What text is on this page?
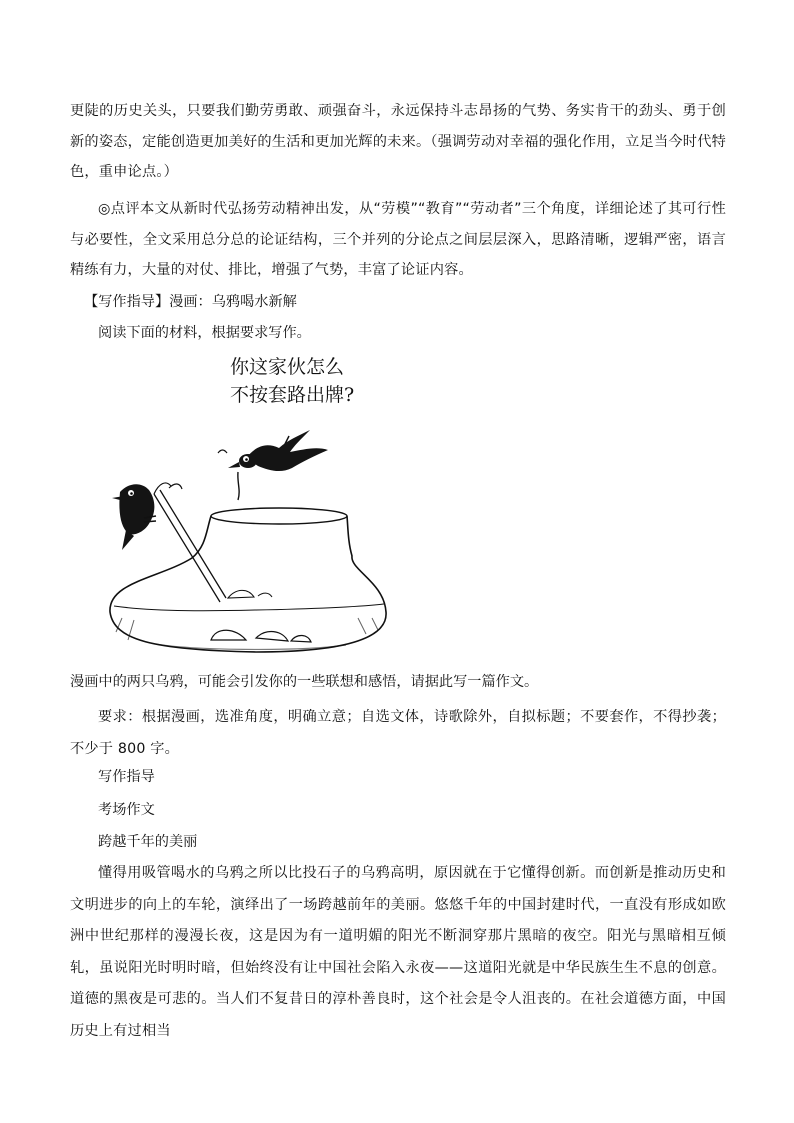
更陡的历史关头，只要我们勤劳勇敢、顽强奋斗，永远保持斗志昂扬的气势、务实肯干的劲头、勇于创新的姿态，定能创造更加美好的生活和更加光辉的未来。（强调劳动对幸福的强化作用，立足当今时代特色，重申论点。）

◎点评本文从新时代弘扬劳动精神出发，从“劳模”“教育”“劳动者”三个角度，详细论述了其可行性与必要性，全文采用总分总的论证结构，三个并列的分论点之间层层深入，思路清晰，逻辑严密，语言精练有力，大量的对仗、排比，增强了气势，丰富了论证内容。

【写作指导】漫画：乌鸦喝水新解

阅读下面的材料，根据要求写作。

你这家伙怎么
不按套路出牌?

漫画中的两只乌鸦，可能会引发你的一些联想和感悟，请据此写一篇作文。

要求：根据漫画，选准角度，明确立意；自选文体，诗歌除外，自拟标题；不要套作，不得抄袭；不少于 800 字。

写作指导

考场作文

跨越千年的美丽

懂得用吸管喝水的乌鸦之所以比投石子的乌鸦高明，原因就在于它懂得创新。而创新是推动历史和文明进步的向上的车轮，演绎出了一场跨越前年的美丽。悠悠千年的中国封建时代，一直没有形成如欧洲中世纪那样的漫漫长夜，这是因为有一道明媚的阳光不断洞穿那片黑暗的夜空。阳光与黑暗相互倾轧，虽说阳光时明时暗，但始终没有让中国社会陷入永夜——这道阳光就是中华民族生生不息的创意。道德的黑夜是可悲的。当人们不复昔日的淳朴善良时，这个社会是令人沮丧的。在社会道德方面，中国历史上有过相当
